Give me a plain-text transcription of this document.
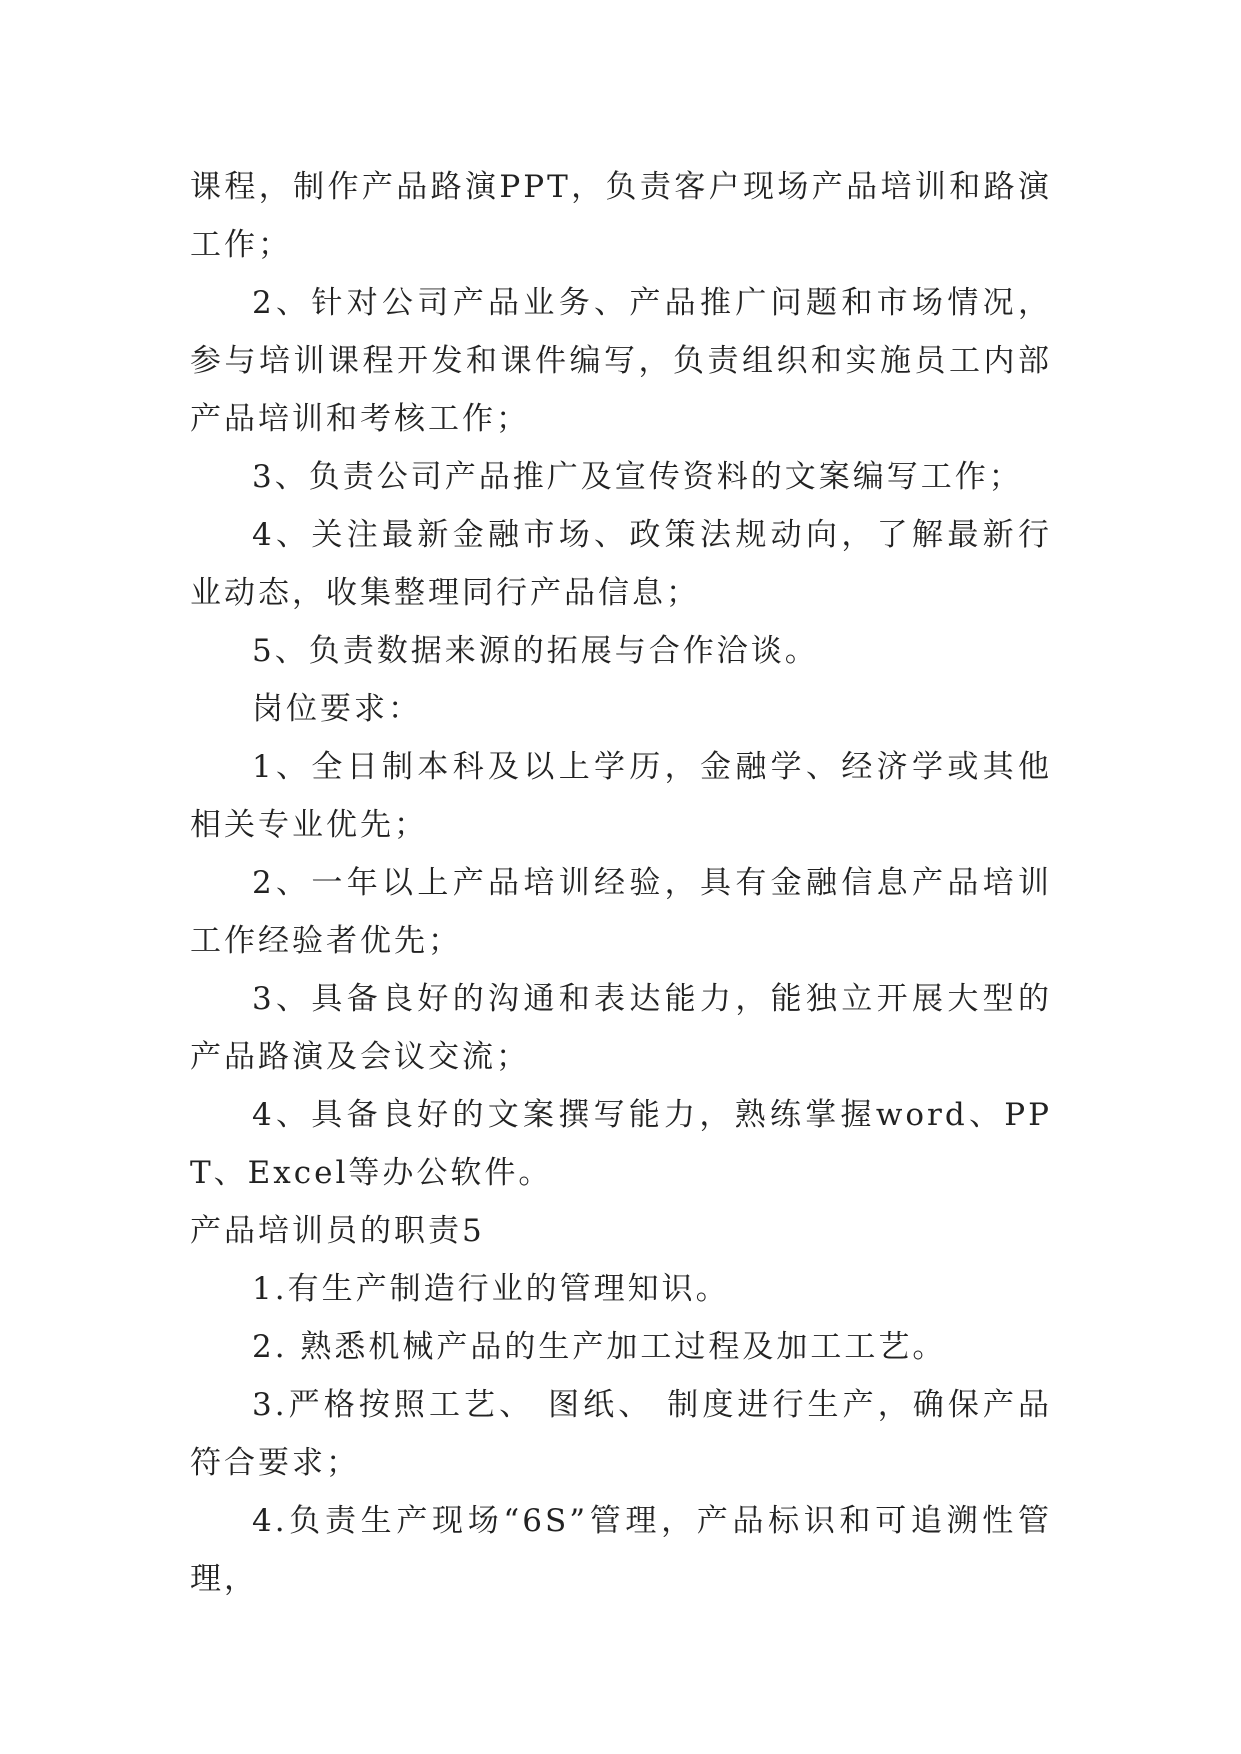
课程，制作产品路演PPT，负责客户现场产品培训和路演工作；

2、针对公司产品业务、产品推广问题和市场情况，参与培训课程开发和课件编写，负责组织和实施员工内部产品培训和考核工作；

3、负责公司产品推广及宣传资料的文案编写工作；

4、关注最新金融市场、政策法规动向，了解最新行业动态，收集整理同行产品信息；

5、负责数据来源的拓展与合作洽谈。

岗位要求：

1、全日制本科及以上学历，金融学、经济学或其他相关专业优先；

2、一年以上产品培训经验，具有金融信息产品培训工作经验者优先；

3、具备良好的沟通和表达能力，能独立开展大型的产品路演及会议交流；

4、具备良好的文案撰写能力，熟练掌握word、PPT、Excel等办公软件。

产品培训员的职责5

1.有生产制造行业的管理知识。

2. 熟悉机械产品的生产加工过程及加工工艺。

3.严格按照工艺、 图纸、 制度进行生产，确保产品符合要求；

4.负责生产现场“6S”管理，产品标识和可追溯性管理，
